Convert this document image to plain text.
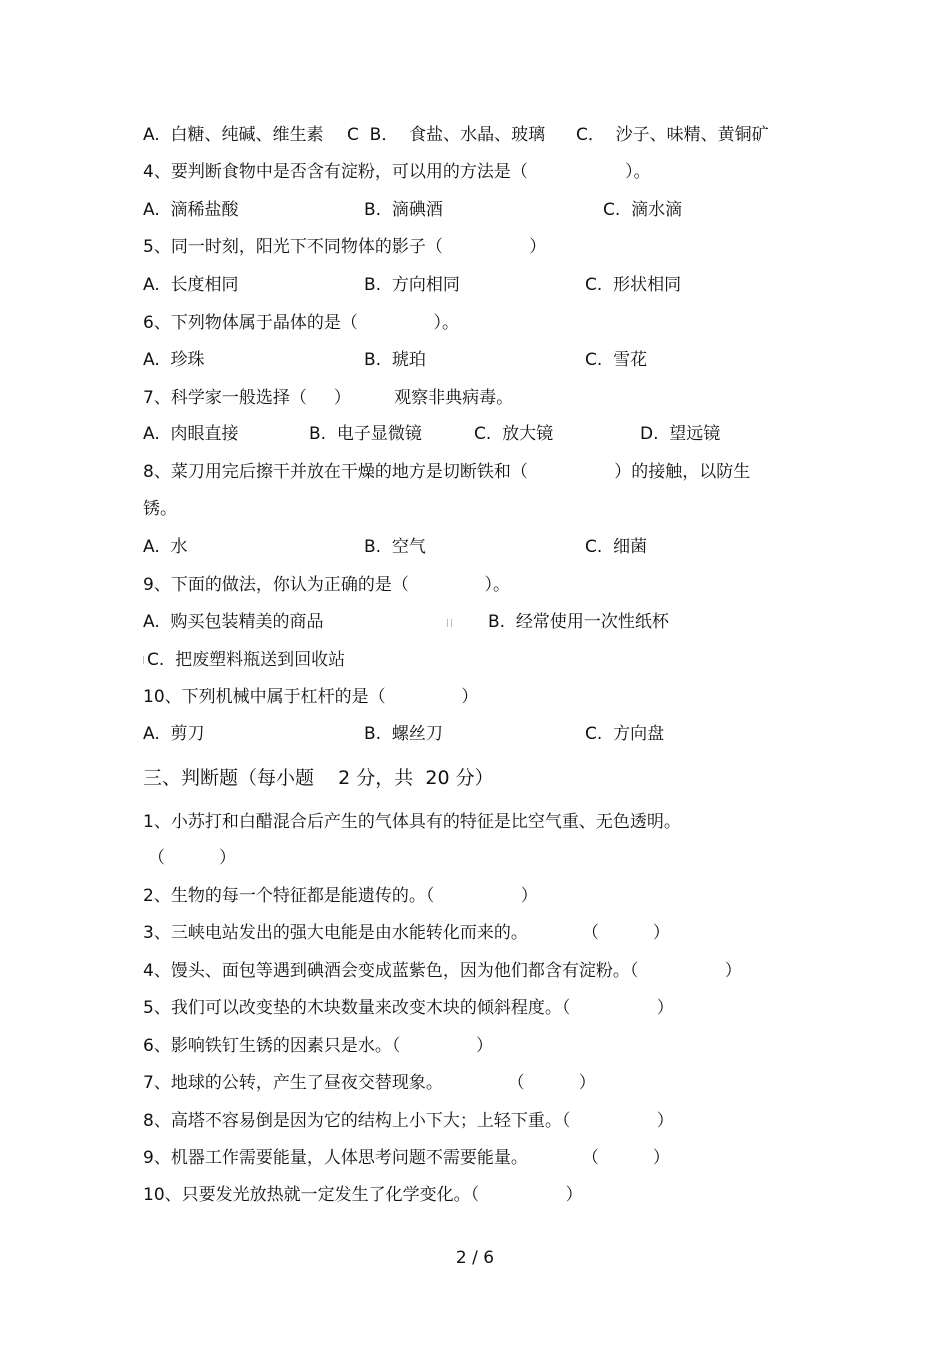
A.  白糖、纯碱、维生素 C  B．  食盐、水晶、玻璃 C．  沙子、味精、黄铜矿
4、要判断食物中是否含有淀粉，可以用的方法是（                  ）。
A.  滴稀盐酸	B.  滴碘酒	C.  滴水滴
5、同一时刻，阳光下不同物体的影子（                ）
A.  长度相同	B.  方向相同	C.  形状相同
6、下列物体属于晶体的是（              ）。
A.  珍珠	B.  琥珀	C.  雪花
7、科学家一般选择（     ）        观察非典病毒。
A.  肉眼直接	B.  电子显微镜	C.  放大镜	D.  望远镜
8、菜刀用完后擦干并放在干燥的地方是切断铁和（                ）的接触，以防生
锈。
A.  水	B.  空气	C.  细菌
9、下面的做法，你认为正确的是（              ）。
A.  购买包装精美的商品	B.  经常使用一次性纸杯
C.  把废塑料瓶送到回收站
10、下列机械中属于杠杆的是（              ）
A.  剪刀	B.  螺丝刀	C.  方向盘
三、判断题（每小题    2 分，共  20 分）
1、小苏打和白醋混合后产生的气体具有的特征是比空气重、无色透明。
（          ）
2、生物的每一个特征都是能遗传的。（                ）
3、三峡电站发出的强大电能是由水能转化而来的。          （          ）
4、馒头、面包等遇到碘酒会变成蓝紫色，因为他们都含有淀粉。（                ）
5、我们可以改变垫的木块数量来改变木块的倾斜程度。（                ）
6、影响铁钉生锈的因素只是水。（              ）
7、地球的公转，产生了昼夜交替现象。            （          ）
8、高塔不容易倒是因为它的结构上小下大；上轻下重。（                ）
9、机器工作需要能量，人体思考问题不需要能量。          （          ）
10、只要发光放热就一定发生了化学变化。（                ）
2 / 6
